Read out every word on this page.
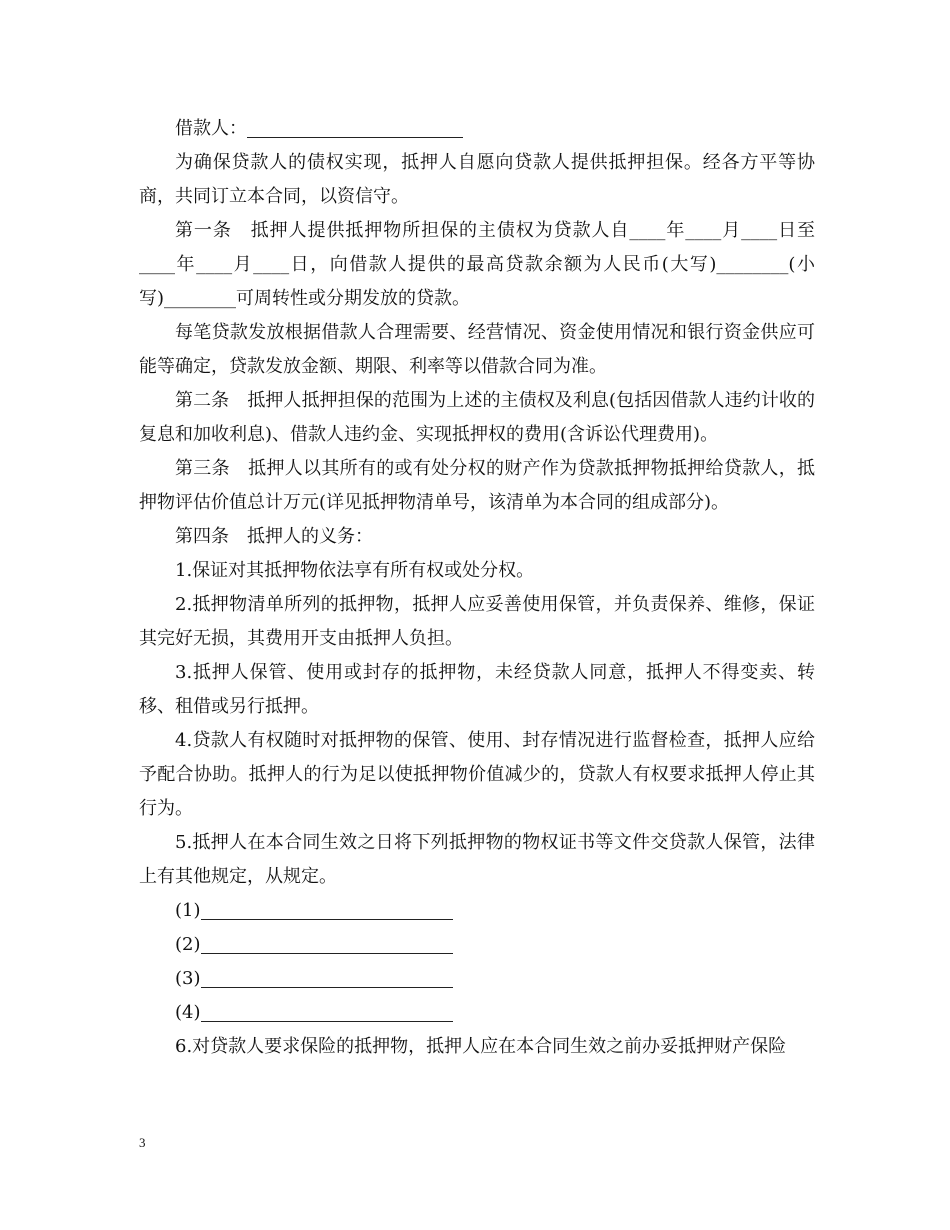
借款人：

为确保贷款人的债权实现，抵押人自愿向贷款人提供抵押担保。经各方平等协商，共同订立本合同，以资信守。

第一条　抵押人提供抵押物所担保的主债权为贷款人自____年____月____日至____年____月____日，向借款人提供的最高贷款余额为人民币(大写)________(小写)________可周转性或分期发放的贷款。

每笔贷款发放根据借款人合理需要、经营情况、资金使用情况和银行资金供应可能等确定，贷款发放金额、期限、利率等以借款合同为准。

第二条　抵押人抵押担保的范围为上述的主债权及利息(包括因借款人违约计收的复息和加收利息)、借款人违约金、实现抵押权的费用(含诉讼代理费用)。

第三条　抵押人以其所有的或有处分权的财产作为贷款抵押物抵押给贷款人，抵押物评估价值总计万元(详见抵押物清单号，该清单为本合同的组成部分)。

第四条　抵押人的义务：

1.保证对其抵押物依法享有所有权或处分权。

2.抵押物清单所列的抵押物，抵押人应妥善使用保管，并负责保养、维修，保证其完好无损，其费用开支由抵押人负担。

3.抵押人保管、使用或封存的抵押物，未经贷款人同意，抵押人不得变卖、转移、租借或另行抵押。

4.贷款人有权随时对抵押物的保管、使用、封存情况进行监督检查，抵押人应给予配合协助。抵押人的行为足以使抵押物价值减少的，贷款人有权要求抵押人停止其行为。

5.抵押人在本合同生效之日将下列抵押物的物权证书等文件交贷款人保管，法律上有其他规定，从规定。

(1)

(2)

(3)

(4)

6.对贷款人要求保险的抵押物，抵押人应在本合同生效之前办妥抵押财产保险

3
